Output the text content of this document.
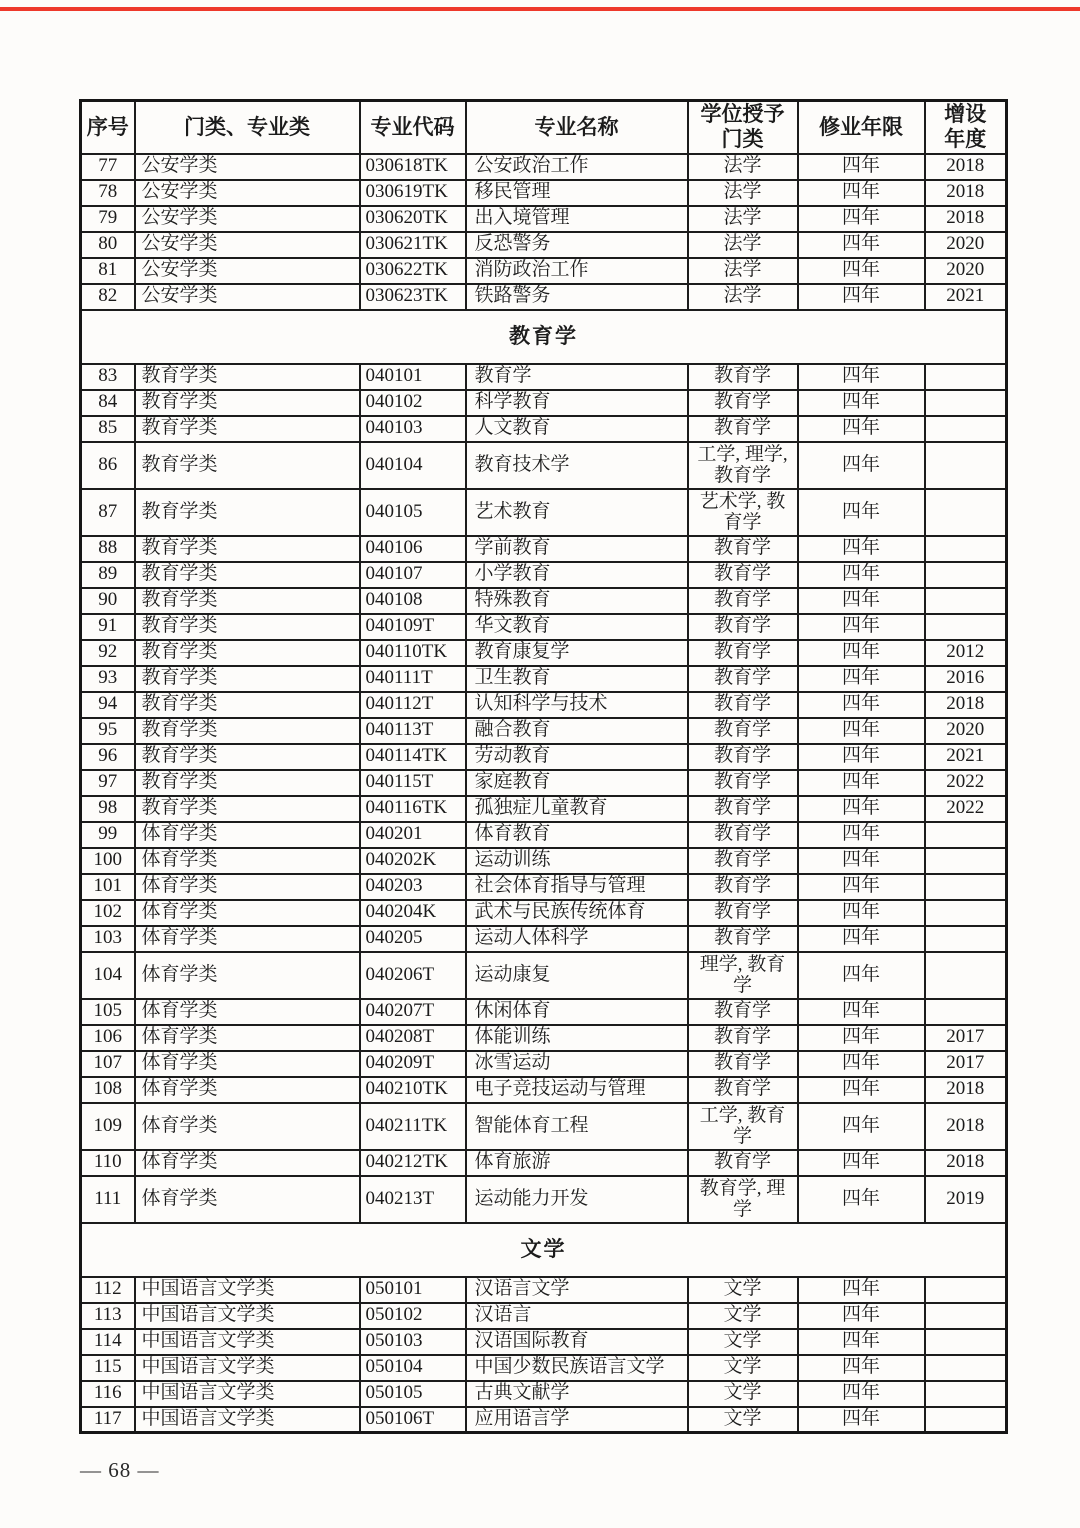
序号	门类、专业类	专业代码	专业名称	学位授予门类	修业年限	增设年度
77	公安学类	030618TK	公安政治工作	法学	四年	2018
78	公安学类	030619TK	移民管理	法学	四年	2018
79	公安学类	030620TK	出入境管理	法学	四年	2018
80	公安学类	030621TK	反恐警务	法学	四年	2020
81	公安学类	030622TK	消防政治工作	法学	四年	2020
82	公安学类	030623TK	铁路警务	法学	四年	2021
教育学						
83	教育学类	040101	教育学	教育学	四年	
84	教育学类	040102	科学教育	教育学	四年	
85	教育学类	040103	人文教育	教育学	四年	
86	教育学类	040104	教育技术学	工学, 理学, 教育学	四年	
87	教育学类	040105	艺术教育	艺术学, 教育学	四年	
88	教育学类	040106	学前教育	教育学	四年	
89	教育学类	040107	小学教育	教育学	四年	
90	教育学类	040108	特殊教育	教育学	四年	
91	教育学类	040109T	华文教育	教育学	四年	
92	教育学类	040110TK	教育康复学	教育学	四年	2012
93	教育学类	040111T	卫生教育	教育学	四年	2016
94	教育学类	040112T	认知科学与技术	教育学	四年	2018
95	教育学类	040113T	融合教育	教育学	四年	2020
96	教育学类	040114TK	劳动教育	教育学	四年	2021
97	教育学类	040115T	家庭教育	教育学	四年	2022
98	教育学类	040116TK	孤独症儿童教育	教育学	四年	2022
99	体育学类	040201	体育教育	教育学	四年	
100	体育学类	040202K	运动训练	教育学	四年	
101	体育学类	040203	社会体育指导与管理	教育学	四年	
102	体育学类	040204K	武术与民族传统体育	教育学	四年	
103	体育学类	040205	运动人体科学	教育学	四年	
104	体育学类	040206T	运动康复	理学, 教育学	四年	
105	体育学类	040207T	休闲体育	教育学	四年	
106	体育学类	040208T	体能训练	教育学	四年	2017
107	体育学类	040209T	冰雪运动	教育学	四年	2017
108	体育学类	040210TK	电子竞技运动与管理	教育学	四年	2018
109	体育学类	040211TK	智能体育工程	工学, 教育学	四年	2018
110	体育学类	040212TK	体育旅游	教育学	四年	2018
111	体育学类	040213T	运动能力开发	教育学, 理学	四年	2019
文学						
112	中国语言文学类	050101	汉语言文学	文学	四年	
113	中国语言文学类	050102	汉语言	文学	四年	
114	中国语言文学类	050103	汉语国际教育	文学	四年	
115	中国语言文学类	050104	中国少数民族语言文学	文学	四年	
116	中国语言文学类	050105	古典文献学	文学	四年	
117	中国语言文学类	050106T	应用语言学	文学	四年	
— 68 —
